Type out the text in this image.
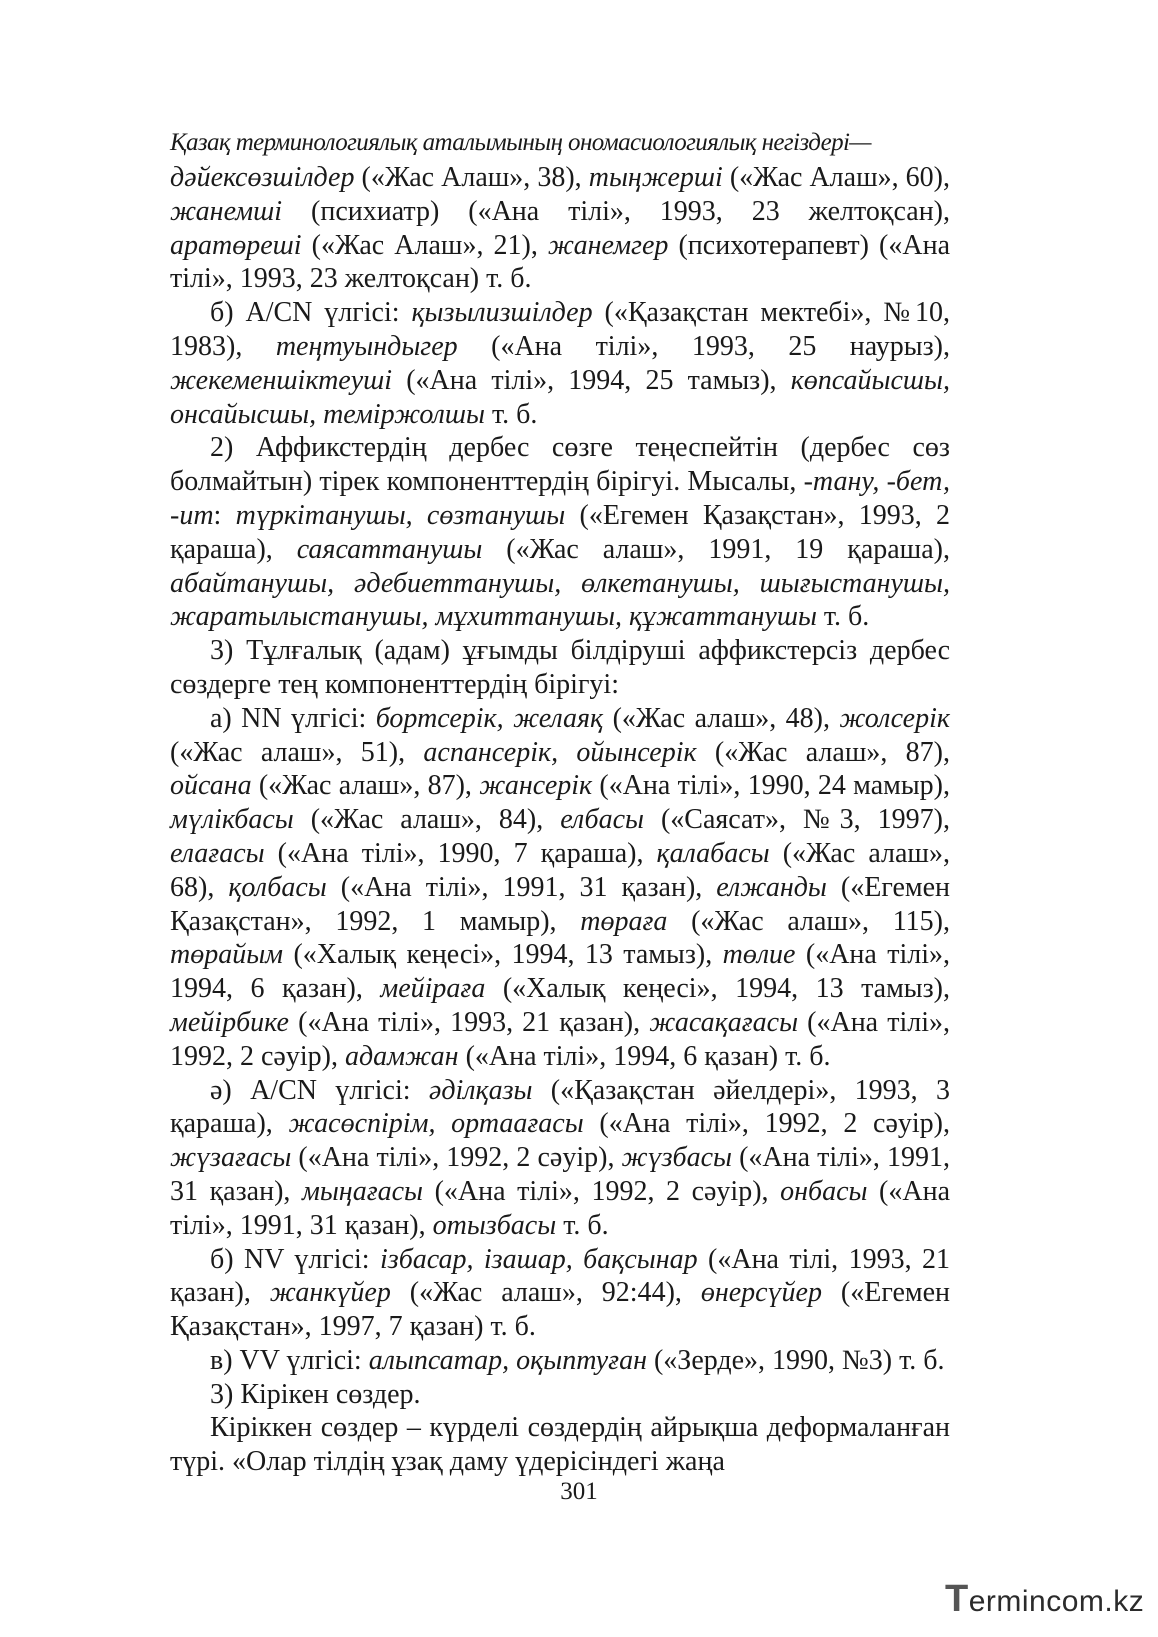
Қазақ терминологиялық аталымының ономасиологиялық негіздері—

дәйексөзшілдер («Жас Алаш», 38), тыңжерші («Жас Алаш», 60), жанемші (психиатр) («Ана тілі», 1993, 23 желтоқсан), аратөреші («Жас Алаш», 21), жанемгер (психотерапевт) («Ана тілі», 1993, 23 желтоқсан) т. б.

б) A/CN үлгісі: қызылизшілдер («Қазақстан мектебі», №10, 1983), теңтуындыгер («Ана тілі», 1993, 25 наурыз), жекеменшіктеуші («Ана тілі», 1994, 25 тамыз), көпсайысшы, онсайысшы, теміржолшы т. б.

2) Аффикстердің дербес сөзге теңеспейтін (дербес сөз болмайтын) тірек компоненттердің бірігуі. Мысалы, -тану, -бет, -ит: түркітанушы, сөзтанушы («Егемен Қазақстан», 1993, 2 қараша), саясаттанушы («Жас алаш», 1991, 19 қараша), абайтанушы, әдебиеттанушы, өлкетанушы, шығыстанушы, жаратылыстанушы, мұхиттанушы, құжаттанушы т. б.

3) Тұлғалық (адам) ұғымды білдіруші аффикстерсіз дербес сөздерге тең компоненттердің бірігуі:

а) NN үлгісі: бортсерік, желаяқ («Жас алаш», 48), жолсерік («Жас алаш», 51), аспансерік, ойынсерік («Жас алаш», 87), ойсана («Жас алаш», 87), жансерік («Ана тілі», 1990, 24 мамыр), мүлікбасы («Жас алаш», 84), елбасы («Саясат», №3, 1997), елағасы («Ана тілі», 1990, 7 қараша), қалабасы («Жас алаш», 68), қолбасы («Ана тілі», 1991, 31 қазан), елжанды («Егемен Қазақстан», 1992, 1 мамыр), төраға («Жас алаш», 115), төрайым («Халық кеңесі», 1994, 13 тамыз), төлие («Ана тілі», 1994, 6 қазан), мейіраға («Халық кеңесі», 1994, 13 тамыз), мейірбике («Ана тілі», 1993, 21 қазан), жасақағасы («Ана тілі», 1992, 2 сәуір), адамжан («Ана тілі», 1994, 6 қазан) т. б.

ә) A/CN үлгісі: әділқазы («Қазақстан әйелдері», 1993, 3 қараша), жасөспірім, ортаағасы («Ана тілі», 1992, 2 сәуір), жүзағасы («Ана тілі», 1992, 2 сәуір), жүзбасы («Ана тілі», 1991, 31 қазан), мыңағасы («Ана тілі», 1992, 2 сәуір), онбасы («Ана тілі», 1991, 31 қазан), отызбасы т. б.

б) NV үлгісі: ізбасар, ізашар, бақсынар («Ана тілі, 1993, 21 қазан), жанкүйер («Жас алаш», 92:44), өнерсүйер («Егемен Қазақстан», 1997, 7 қазан) т. б.

в) VV үлгісі: алыпсатар, оқыптуған («Зерде», 1990, №3) т. б.

3) Кірікен сөздер.

Кіріккен сөздер – күрделі сөздердің айрықша деформаланған түрі. «Олар тілдің ұзақ даму үдерісіндегі жаңа

301
Termincom.kz
